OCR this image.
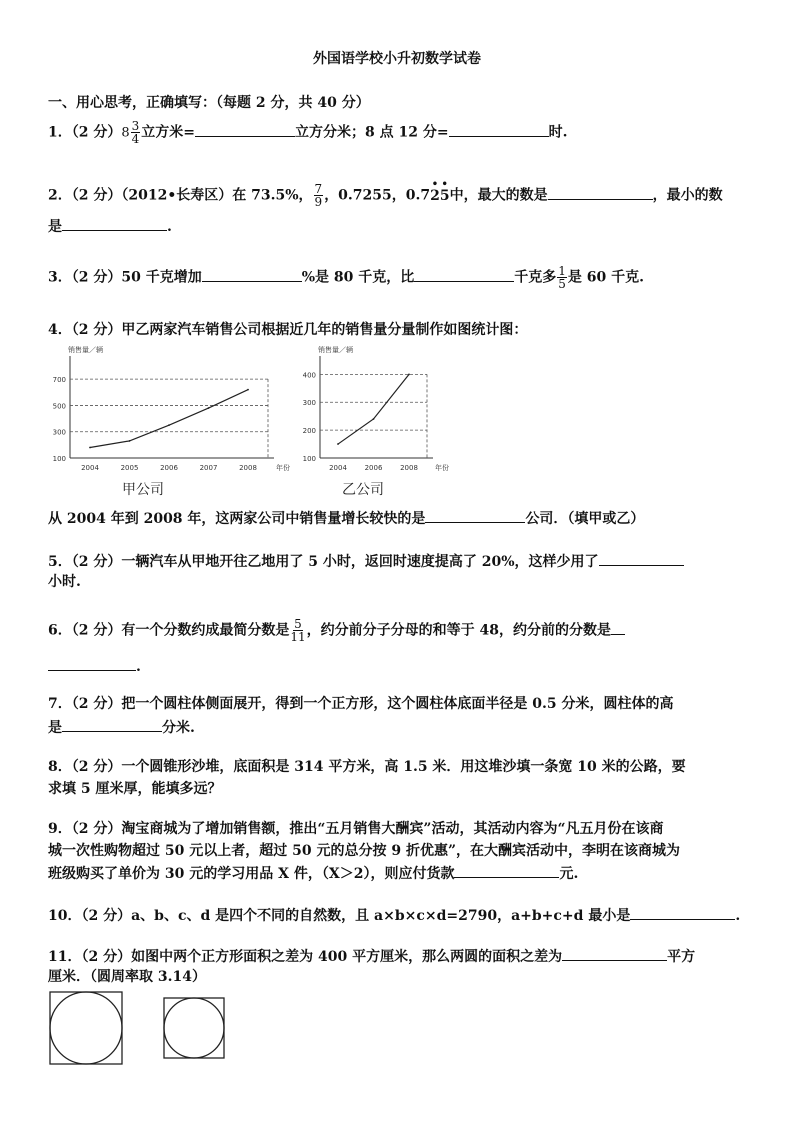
外国语学校小升初数学试卷
一、用心思考，正确填写：（每题 2 分，共 40 分）
1．（2 分）$8 \frac{3}{4}$ 立方米=	立方分米；8 点 12 分=	时.
2．（2 分）（2012•长寿区）在 73.5%， $\frac{7}{9}$ ，0.7255，0.7
•
2
•
5中，最大的数是	，最小的数
是	.
3．（2 分）50 千克增加	%是 80 千克，比	千克多 $\frac{1}{5}$ 是 60 千克.
4．（2 分）甲乙两家汽车销售公司根据近几年的销售量分量制作如图统计图：
销售量／辆
100
300
500
700
2004	2005	2006	2007	2008	年份
甲公司
销售量／辆
100
200
300
400
2004	2006	2008 年份
乙公司
从 2004 年到 2008 年，这两家公司中销售量增长较快的是	公司．（填甲或乙）
5．（2 分）一辆汽车从甲地开往乙地用了 5 小时，返回时速度提高了 20%，这样少用了
小时.
6．（2 分）有一个分数约成最简分数是 $\frac{5}{11}$ ，约分前分子分母的和等于 48，约分前的分数是
.
7．（2 分）把一个圆柱体侧面展开，得到一个正方形，这个圆柱体底面半径是 0.5 分米，圆柱体的高
是	分米.
8．（2 分）一个圆锥形沙堆，底面积是 314 平方米，高 1.5 米．用这堆沙填一条宽 10 米的公路，要
求填 5 厘米厚，能填多远？
9．（2 分）淘宝商城为了增加销售额，推出“五月销售大酬宾”活动，其活动内容为“凡五月份在该商
城一次性购物超过 50 元以上者，超过 50 元的总分按 9 折优惠”，在大酬宾活动中，李明在该商城为
班级购买了单价为 30 元的学习用品 X 件，（X＞2），则应付货款	元.
10．（2 分）a、b、c、d 是四个不同的自然数，且 a×b×c×d=2790，a+b+c+d 最小是	.
11．（2 分）如图中两个正方形面积之差为 400 平方厘米，那么两圆的面积之差为	平方
厘米．（圆周率取 3.14）
